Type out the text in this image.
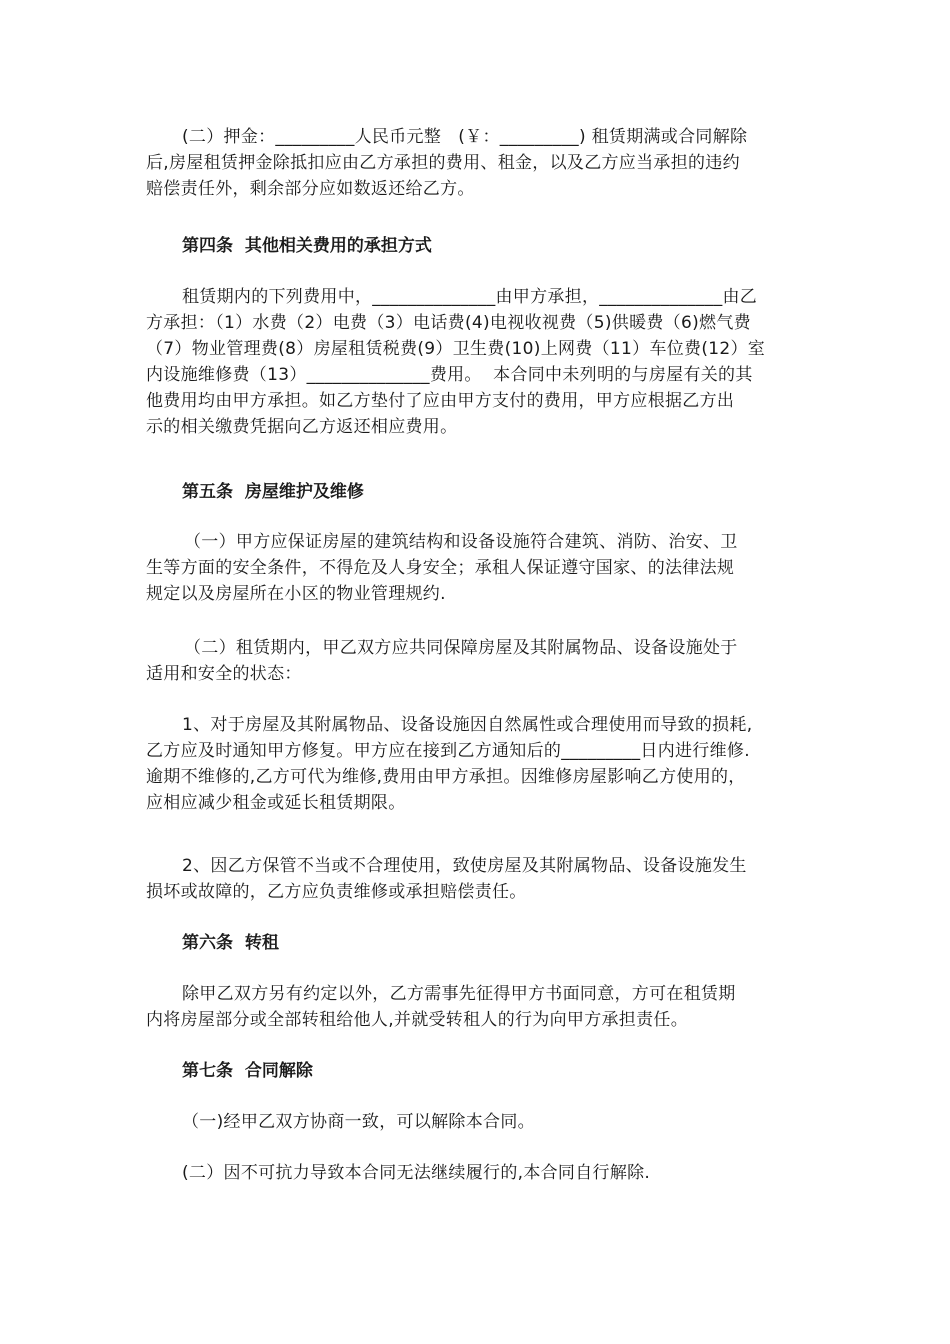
(二）押金：_________人民币元整   (￥：_________) 租赁期满或合同解除
后,房屋租赁押金除抵扣应由乙方承担的费用、租金，以及乙方应当承担的违约
赔偿责任外，剩余部分应如数返还给乙方。
第四条  其他相关费用的承担方式
租赁期内的下列费用中，______________由甲方承担，______________由乙
方承担：（1）水费（2）电费（3）电话费(4)电视收视费（5)供暖费（6)燃气费
（7）物业管理费(8）房屋租赁税费(9）卫生费(10)上网费（11）车位费(12）室
内设施维修费（13）______________费用。  本合同中未列明的与房屋有关的其
他费用均由甲方承担。如乙方垫付了应由甲方支付的费用，甲方应根据乙方出
示的相关缴费凭据向乙方返还相应费用。
第五条  房屋维护及维修
（一）甲方应保证房屋的建筑结构和设备设施符合建筑、消防、治安、卫
生等方面的安全条件，不得危及人身安全；承租人保证遵守国家、的法律法规
规定以及房屋所在小区的物业管理规约.
（二）租赁期内，甲乙双方应共同保障房屋及其附属物品、设备设施处于
适用和安全的状态：
1、对于房屋及其附属物品、设备设施因自然属性或合理使用而导致的损耗,
乙方应及时通知甲方修复。甲方应在接到乙方通知后的_________日内进行维修.
逾期不维修的,乙方可代为维修,费用由甲方承担。因维修房屋影响乙方使用的，
应相应减少租金或延长租赁期限。
2、因乙方保管不当或不合理使用，致使房屋及其附属物品、设备设施发生
损坏或故障的，乙方应负责维修或承担赔偿责任。
第六条  转租
除甲乙双方另有约定以外，乙方需事先征得甲方书面同意，方可在租赁期
内将房屋部分或全部转租给他人,并就受转租人的行为向甲方承担责任。
第七条  合同解除
（一)经甲乙双方协商一致，可以解除本合同。
(二）因不可抗力导致本合同无法继续履行的,本合同自行解除.
